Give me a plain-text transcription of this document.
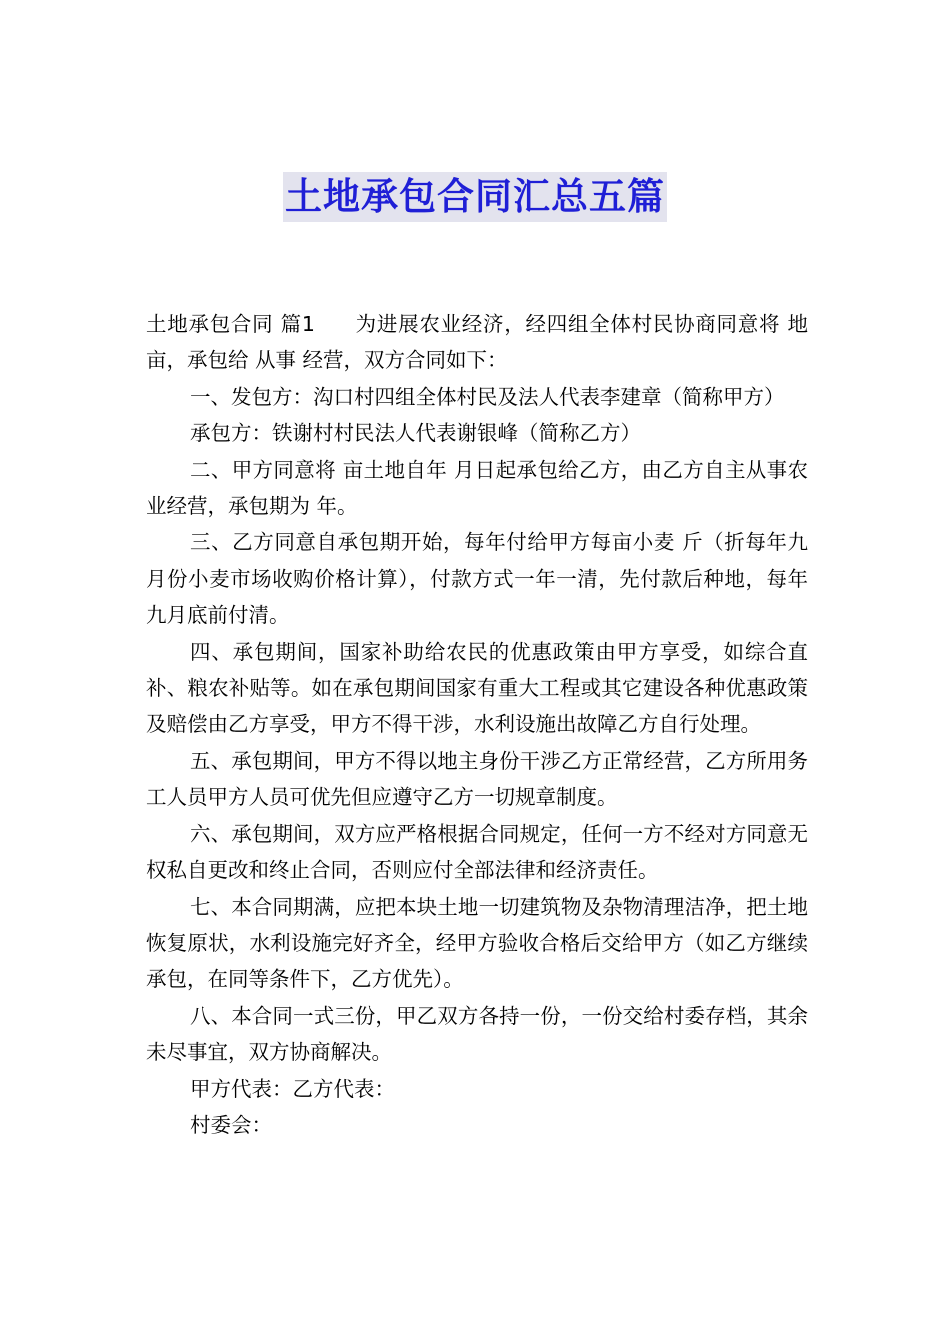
土地承包合同汇总五篇

土地承包合同 篇1 为进展农业经济，经四组全体村民协商同意将 地 亩，承包给 从事 经营，双方合同如下：

一、发包方：沟口村四组全体村民及法人代表李建章（简称甲方）

承包方：铁谢村村民法人代表谢银峰（简称乙方）

二、甲方同意将 亩土地自年 月日起承包给乙方，由乙方自主从事农业经营，承包期为 年。

三、乙方同意自承包期开始，每年付给甲方每亩小麦 斤（折每年九月份小麦市场收购价格计算），付款方式一年一清，先付款后种地，每年九月底前付清。

四、承包期间，国家补助给农民的优惠政策由甲方享受，如综合直补、粮农补贴等。如在承包期间国家有重大工程或其它建设各种优惠政策及赔偿由乙方享受，甲方不得干涉，水利设施出故障乙方自行处理。

五、承包期间，甲方不得以地主身份干涉乙方正常经营，乙方所用务工人员甲方人员可优先但应遵守乙方一切规章制度。

六、承包期间，双方应严格根据合同规定，任何一方不经对方同意无权私自更改和终止合同，否则应付全部法律和经济责任。

七、本合同期满，应把本块土地一切建筑物及杂物清理洁净，把土地恢复原状，水利设施完好齐全，经甲方验收合格后交给甲方（如乙方继续承包，在同等条件下，乙方优先）。

八、本合同一式三份，甲乙双方各持一份，一份交给村委存档，其余未尽事宜，双方协商解决。

甲方代表：乙方代表：

村委会：
